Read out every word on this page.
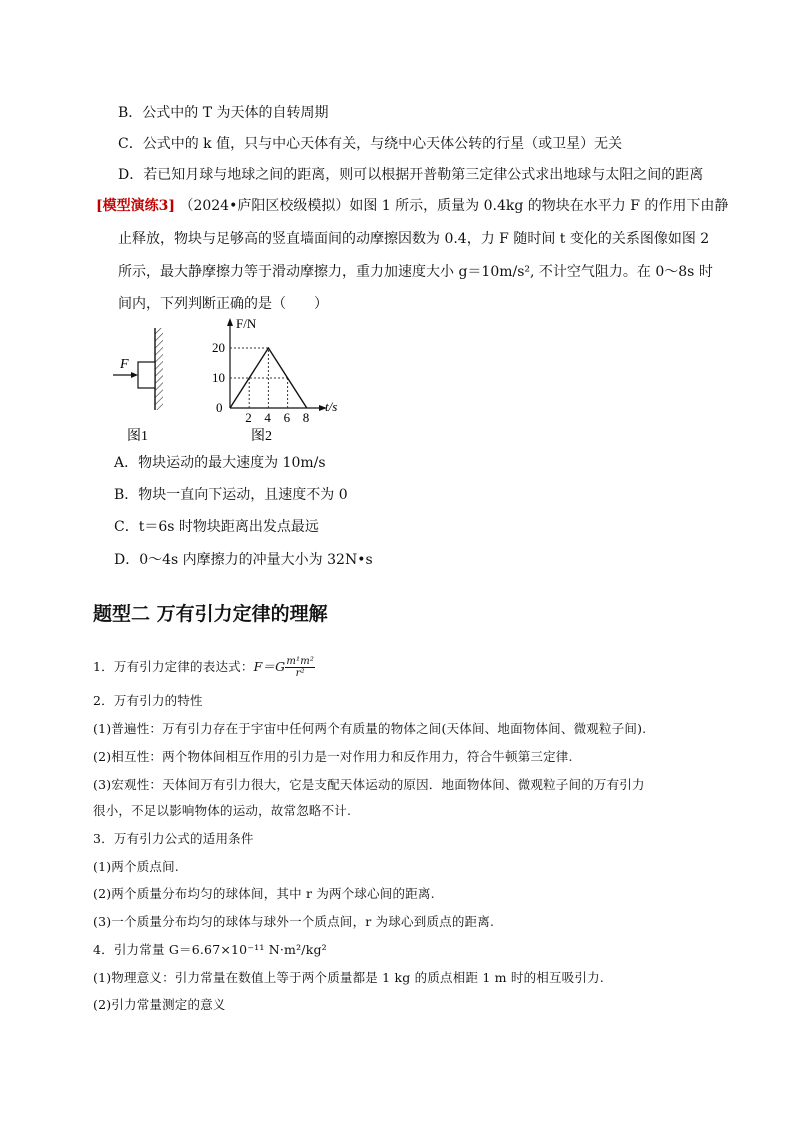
B．公式中的 T 为天体的自转周期
C．公式中的 k 值，只与中心天体有关，与绕中心天体公转的行星（或卫星）无关
D．若已知月球与地球之间的距离，则可以根据开普勒第三定律公式求出地球与太阳之间的距离
[模型演练3] （2024•庐阳区校级模拟）如图 1 所示，质量为 0.4kg 的物块在水平力 F 的作用下由静
止释放，物块与足够高的竖直墙面间的动摩擦因数为 0.4，力 F 随时间 t 变化的关系图像如图 2
所示，最大静摩擦力等于滑动摩擦力，重力加速度大小 g＝10m/s², 不计空气阻力。在 0～8s 时
间内，下列判断正确的是（　　）
F
图1
10
20
2 4 6 8
F/N
t/s
0
图2
A．物块运动的最大速度为 10m/s
B．物块一直向下运动，且速度不为 0
C．t＝6s 时物块距离出发点最远
D．0～4s 内摩擦力的冲量大小为 32N•s
题型二 万有引力定律的理解
1．万有引力定律的表达式：$F=G \frac{\text{m¹m²}}{\text{r²}}$
2．万有引力的特性
(1)普遍性：万有引力存在于宇宙中任何两个有质量的物体之间(天体间、地面物体间、微观粒子间).
(2)相互性：两个物体间相互作用的引力是一对作用力和反作用力，符合牛顿第三定律.
(3)宏观性：天体间万有引力很大，它是支配天体运动的原因．地面物体间、微观粒子间的万有引力
很小，不足以影响物体的运动，故常忽略不计.
3．万有引力公式的适用条件
(1)两个质点间.
(2)两个质量分布均匀的球体间，其中 r 为两个球心间的距离.
(3)一个质量分布均匀的球体与球外一个质点间，r 为球心到质点的距离.
4．引力常量 G＝6.67×10⁻¹¹ N·m²/kg²
(1)物理意义：引力常量在数值上等于两个质量都是 1 kg 的质点相距 1 m 时的相互吸引力.
(2)引力常量测定的意义
